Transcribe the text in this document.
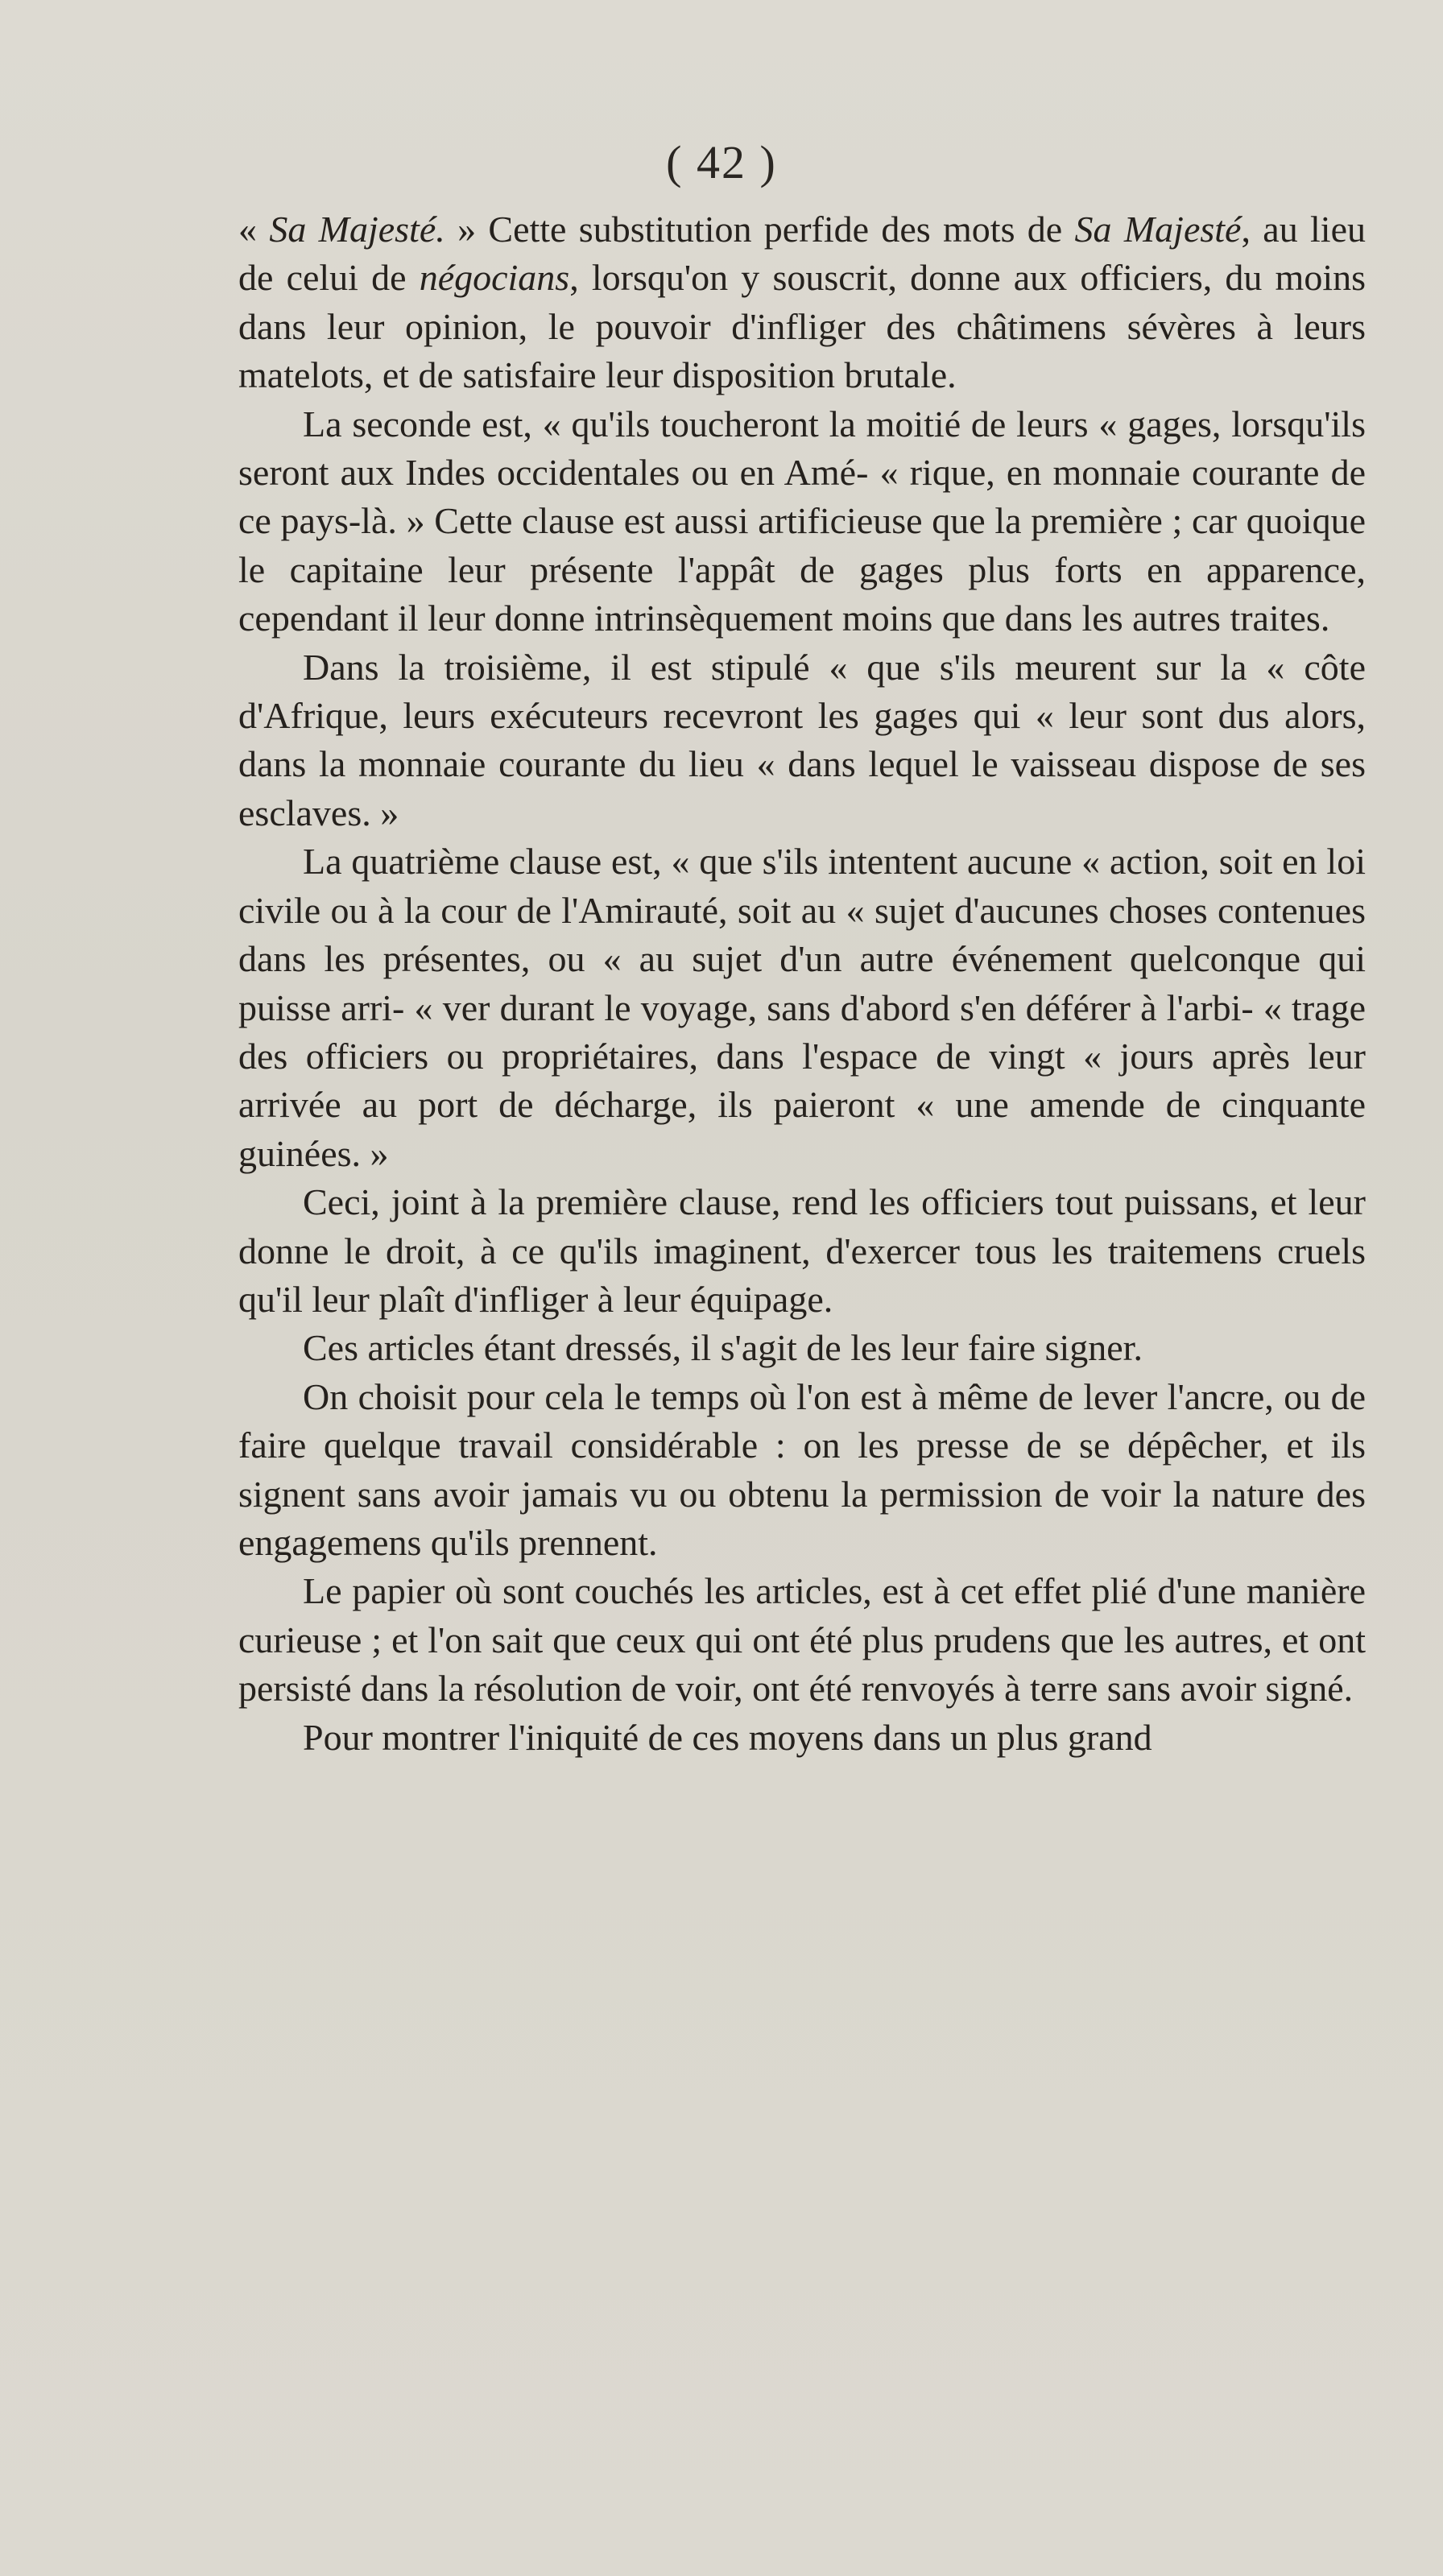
( 42 )

« Sa Majesté. » Cette substitution perfide des mots de Sa Majesté, au lieu de celui de négocians, lorsqu'on y souscrit, donne aux officiers, du moins dans leur opinion, le pouvoir d'infliger des châtimens sévères à leurs matelots, et de satisfaire leur disposition brutale.

La seconde est, « qu'ils toucheront la moitié de leurs « gages, lorsqu'ils seront aux Indes occidentales ou en Amé- « rique, en monnaie courante de ce pays-là. » Cette clause est aussi artificieuse que la première ; car quoique le capitaine leur présente l'appât de gages plus forts en apparence, cependant il leur donne intrinsèquement moins que dans les autres traites.

Dans la troisième, il est stipulé « que s'ils meurent sur la « côte d'Afrique, leurs exécuteurs recevront les gages qui « leur sont dus alors, dans la monnaie courante du lieu « dans lequel le vaisseau dispose de ses esclaves. »

La quatrième clause est, « que s'ils intentent aucune « action, soit en loi civile ou à la cour de l'Amirauté, soit au « sujet d'aucunes choses contenues dans les présentes, ou « au sujet d'un autre événement quelconque qui puisse arri- « ver durant le voyage, sans d'abord s'en déférer à l'arbi- « trage des officiers ou propriétaires, dans l'espace de vingt « jours après leur arrivée au port de décharge, ils paieront « une amende de cinquante guinées. »

Ceci, joint à la première clause, rend les officiers tout puissans, et leur donne le droit, à ce qu'ils imaginent, d'exercer tous les traitemens cruels qu'il leur plaît d'infliger à leur équipage.

Ces articles étant dressés, il s'agit de les leur faire signer.

On choisit pour cela le temps où l'on est à même de lever l'ancre, ou de faire quelque travail considérable : on les presse de se dépêcher, et ils signent sans avoir jamais vu ou obtenu la permission de voir la nature des engagemens qu'ils prennent.

Le papier où sont couchés les articles, est à cet effet plié d'une manière curieuse ; et l'on sait que ceux qui ont été plus prudens que les autres, et ont persisté dans la résolution de voir, ont été renvoyés à terre sans avoir signé.

Pour montrer l'iniquité de ces moyens dans un plus grand
